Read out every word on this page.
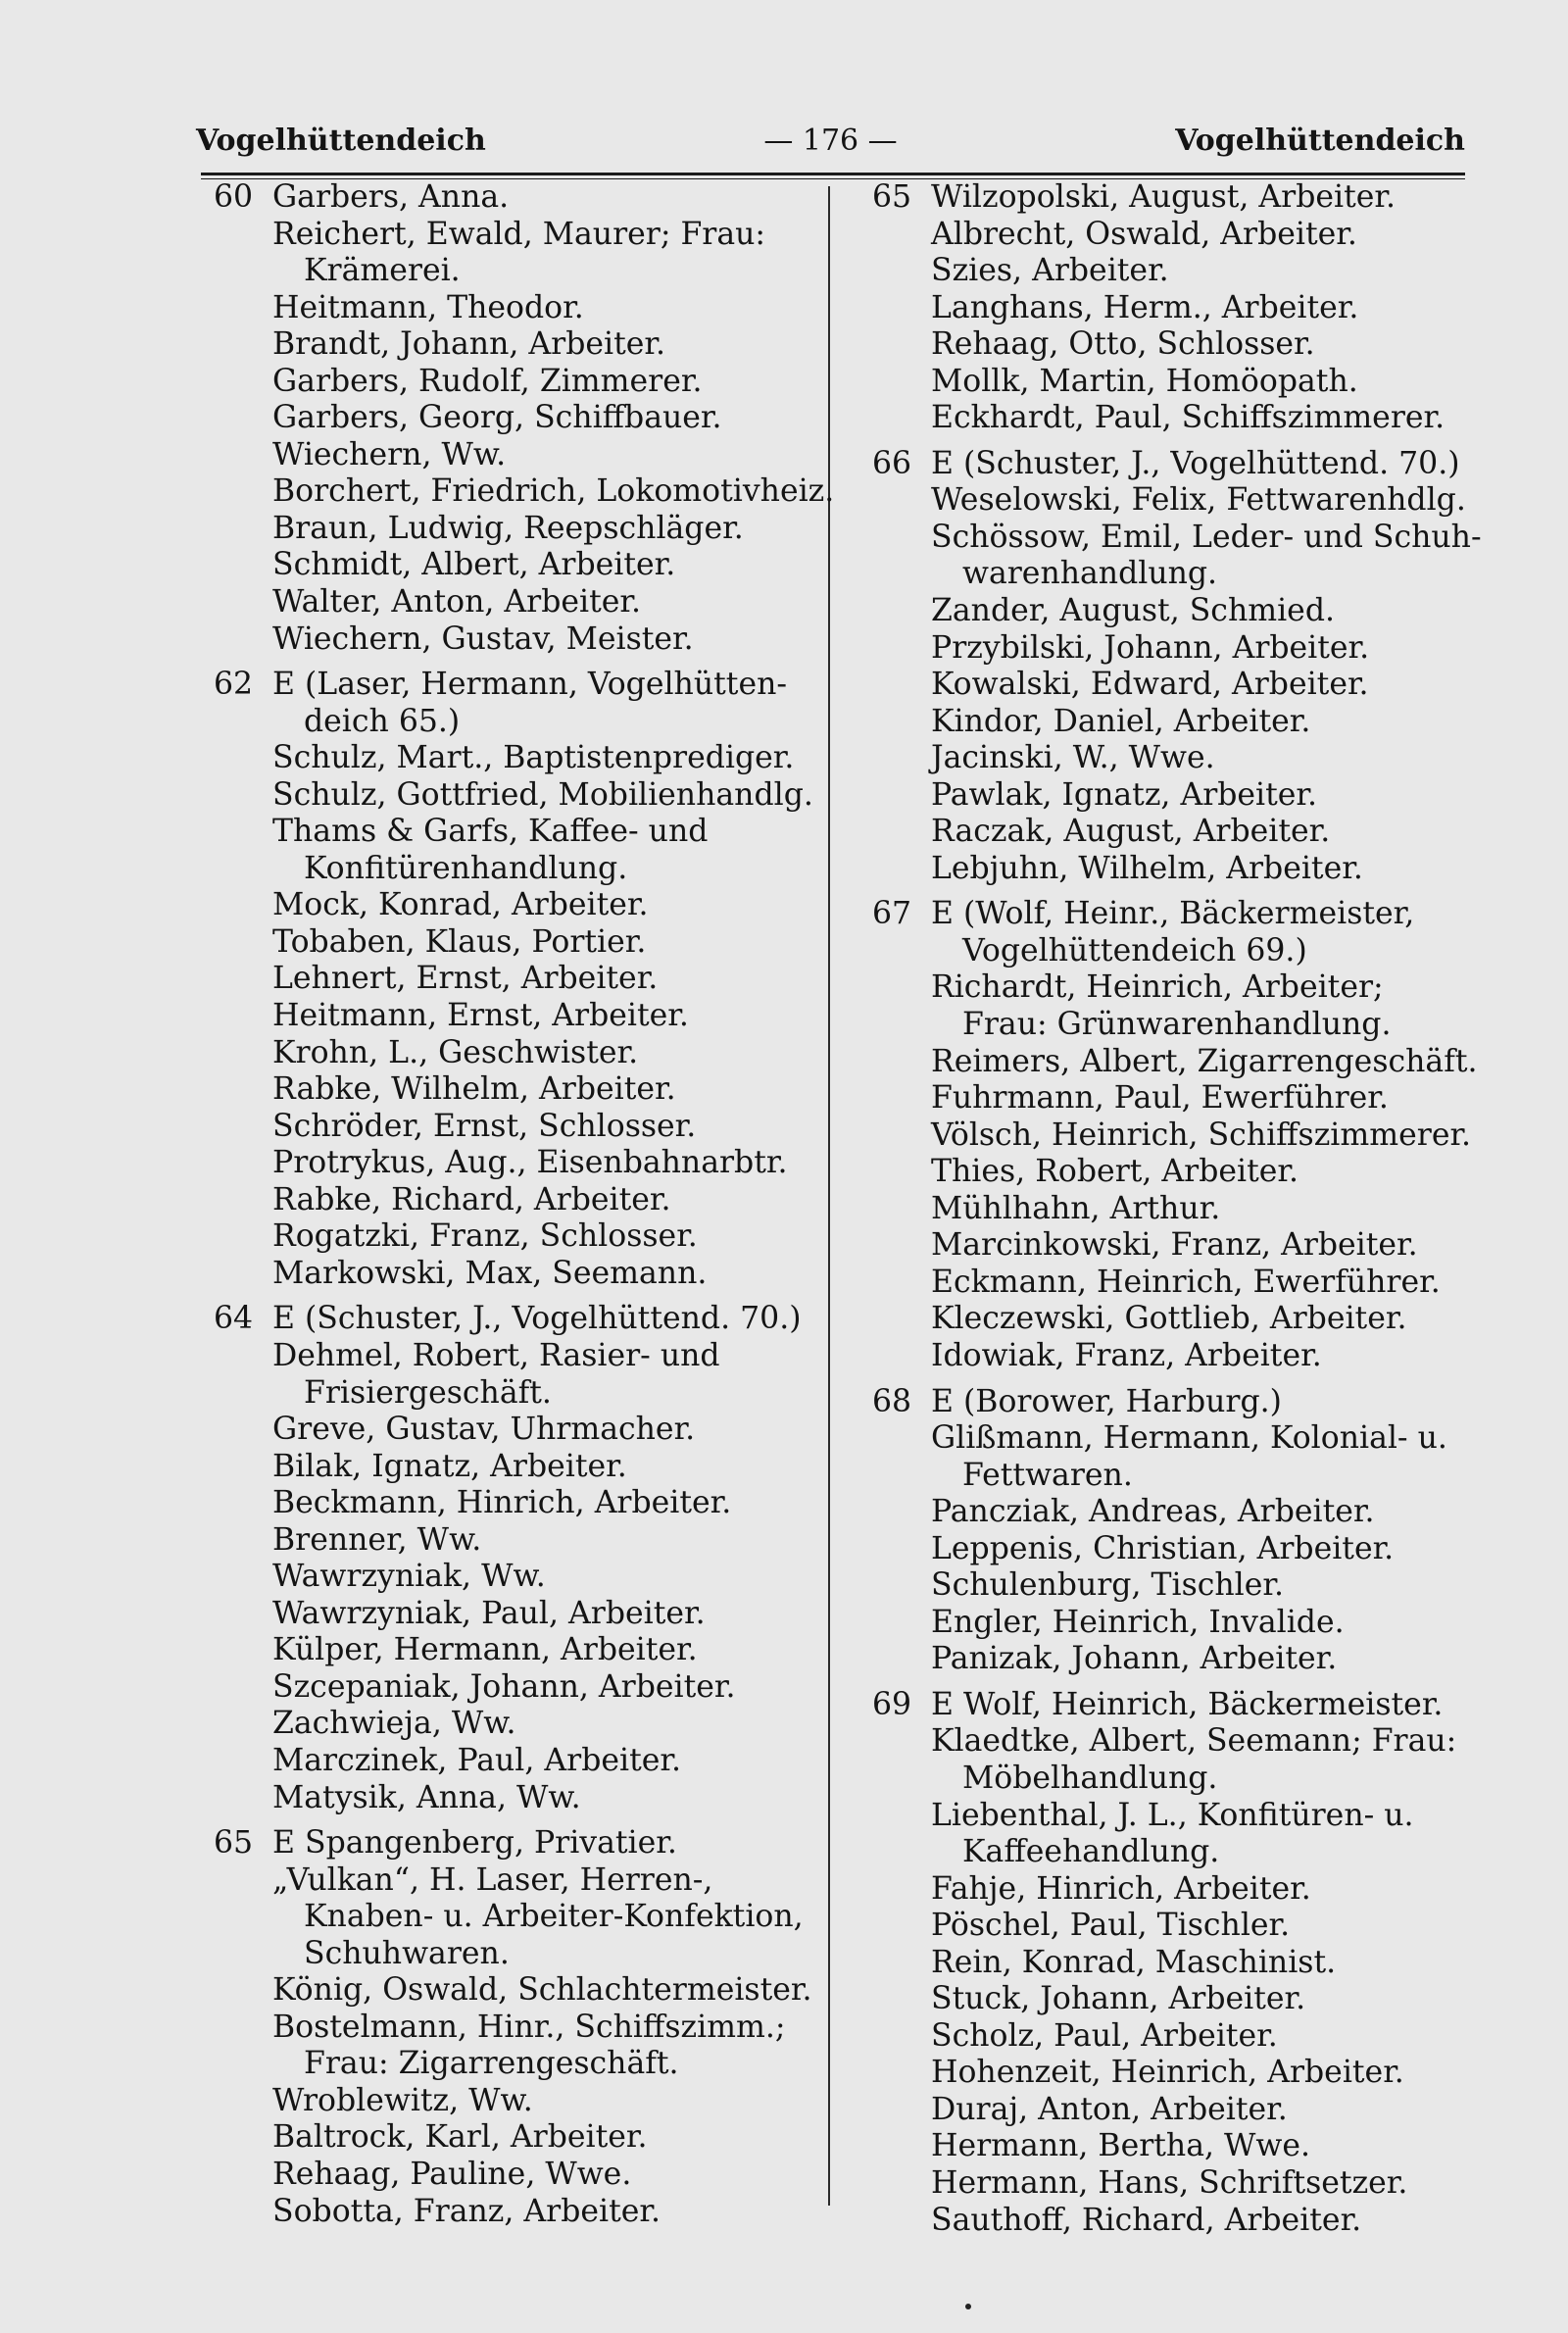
Vogelhüttendeich	— 176 —	Vogelhüttendeich
60 Garbers, Anna.
Reichert, Ewald, Maurer; Frau:
Krämerei.
Heitmann, Theodor.
Brandt, Johann, Arbeiter.
Garbers, Rudolf, Zimmerer.
Garbers, Georg, Schiffbauer.
Wiechern, Ww.
Borchert, Friedrich, Lokomotivheiz.
Braun, Ludwig, Reepschläger.
Schmidt, Albert, Arbeiter.
Walter, Anton, Arbeiter.
Wiechern, Gustav, Meister.
62 E (Laser, Hermann, Vogelhütten-
deich 65.)
Schulz, Mart., Baptistenprediger.
Schulz, Gottfried, Mobilienhandlg.
Thams & Garfs, Kaffee- und
Konfitürenhandlung.
Mock, Konrad, Arbeiter.
Tobaben, Klaus, Portier.
Lehnert, Ernst, Arbeiter.
Heitmann, Ernst, Arbeiter.
Krohn, L., Geschwister.
Rabke, Wilhelm, Arbeiter.
Schröder, Ernst, Schlosser.
Protrykus, Aug., Eisenbahnarbtr.
Rabke, Richard, Arbeiter.
Rogatzki, Franz, Schlosser.
Markowski, Max, Seemann.
64 E (Schuster, J., Vogelhüttend. 70.)
Dehmel, Robert, Rasier- und
Frisiergeschäft.
Greve, Gustav, Uhrmacher.
Bilak, Ignatz, Arbeiter.
Beckmann, Hinrich, Arbeiter.
Brenner, Ww.
Wawrzyniak, Ww.
Wawrzyniak, Paul, Arbeiter.
Külper, Hermann, Arbeiter.
Szcepaniak, Johann, Arbeiter.
Zachwieja, Ww.
Marczinek, Paul, Arbeiter.
Matysik, Anna, Ww.
65 E Spangenberg, Privatier.
„Vulkan“, H. Laser, Herren-,
Knaben- u. Arbeiter-Konfektion,
Schuhwaren.
König, Oswald, Schlachtermeister.
Bostelmann, Hinr., Schiffszimm.;
Frau: Zigarrengeschäft.
Wroblewitz, Ww.
Baltrock, Karl, Arbeiter.
Rehaag, Pauline, Wwe.
Sobotta, Franz, Arbeiter.
65 Wilzopolski, August, Arbeiter.
Albrecht, Oswald, Arbeiter.
Szies, Arbeiter.
Langhans, Herm., Arbeiter.
Rehaag, Otto, Schlosser.
Mollk, Martin, Homöopath.
Eckhardt, Paul, Schiffszimmerer.
66 E (Schuster, J., Vogelhüttend. 70.)
Weselowski, Felix, Fettwarenhdlg.
Schössow, Emil, Leder- und Schuh-
warenhandlung.
Zander, August, Schmied.
Przybilski, Johann, Arbeiter.
Kowalski, Edward, Arbeiter.
Kindor, Daniel, Arbeiter.
Jacinski, W., Wwe.
Pawlak, Ignatz, Arbeiter.
Raczak, August, Arbeiter.
Lebjuhn, Wilhelm, Arbeiter.
67 E (Wolf, Heinr., Bäckermeister,
Vogelhüttendeich 69.)
Richardt, Heinrich, Arbeiter;
Frau: Grünwarenhandlung.
Reimers, Albert, Zigarrengeschäft.
Fuhrmann, Paul, Ewerführer.
Völsch, Heinrich, Schiffszimmerer.
Thies, Robert, Arbeiter.
Mühlhahn, Arthur.
Marcinkowski, Franz, Arbeiter.
Eckmann, Heinrich, Ewerführer.
Kleczewski, Gottlieb, Arbeiter.
Idowiak, Franz, Arbeiter.
68 E (Borower, Harburg.)
Glißmann, Hermann, Kolonial- u.
Fettwaren.
Pancziak, Andreas, Arbeiter.
Leppenis, Christian, Arbeiter.
Schulenburg, Tischler.
Engler, Heinrich, Invalide.
Panizak, Johann, Arbeiter.
69 E Wolf, Heinrich, Bäckermeister.
Klaedtke, Albert, Seemann; Frau:
Möbelhandlung.
Liebenthal, J. L., Konfitüren- u.
Kaffeehandlung.
Fahje, Hinrich, Arbeiter.
Pöschel, Paul, Tischler.
Rein, Konrad, Maschinist.
Stuck, Johann, Arbeiter.
Scholz, Paul, Arbeiter.
Hohenzeit, Heinrich, Arbeiter.
Duraj, Anton, Arbeiter.
Hermann, Bertha, Wwe.
Hermann, Hans, Schriftsetzer.
Sauthoff, Richard, Arbeiter.
